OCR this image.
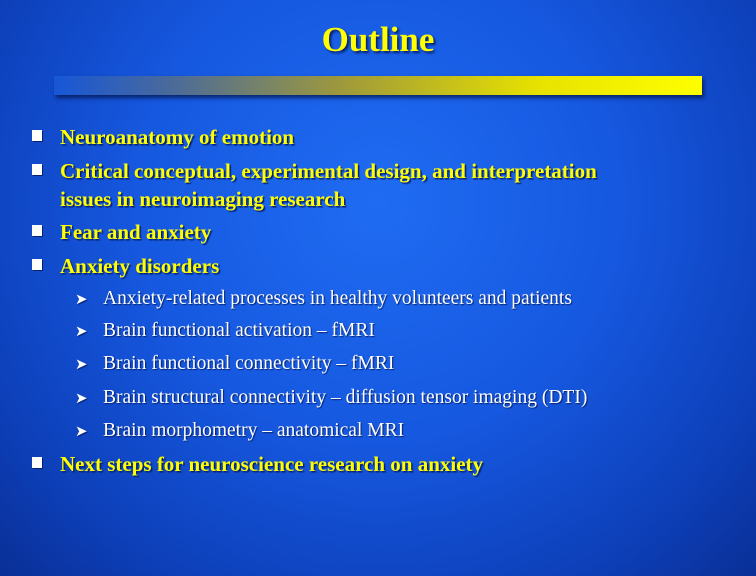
Outline
Neuroanatomy of emotion
Critical conceptual, experimental design, and interpretation
issues in neuroimaging research
Fear and anxiety
Anxiety disorders
➤ Anxiety-related processes in healthy volunteers and patients
➤ Brain functional activation – fMRI
➤ Brain functional connectivity – fMRI
➤ Brain structural connectivity – diffusion tensor imaging (DTI)
➤ Brain morphometry – anatomical MRI
Next steps for neuroscience research on anxiety
